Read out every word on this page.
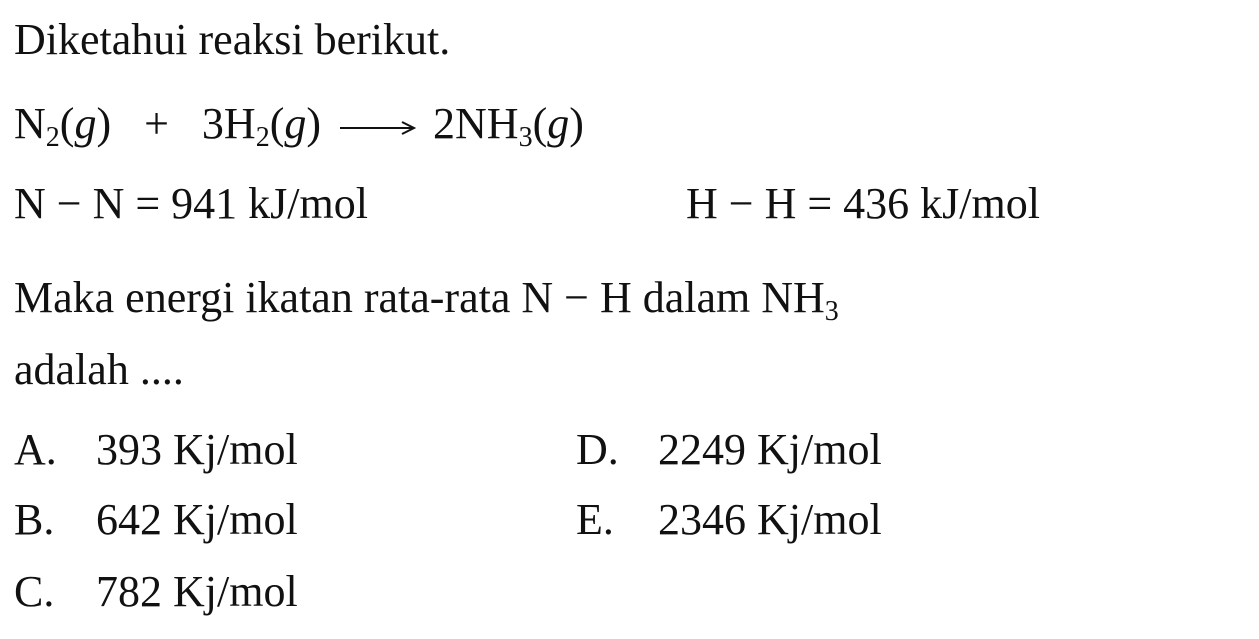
Diketahui reaksi berikut.
$N_2(g) + 3H_2(g) \to 2NH_3(g)$
N − N = 941 kJ/mol	H − H = 436 kJ/mol
Maka energi ikatan rata-rata N − H dalam $NH_3$
adalah ....
A. 393 Kj/mol
B. 642 Kj/mol
C. 782 Kj/mol
D. 2249 Kj/mol
E. 2346 Kj/mol
